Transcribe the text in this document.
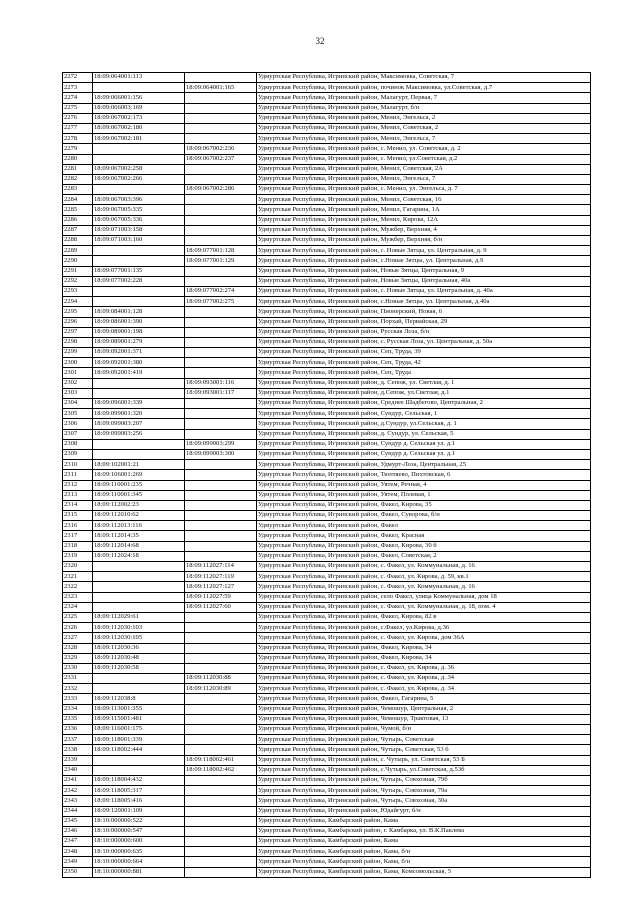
32
2272	18:09:064001:113		Удмуртская Республика, Игринский район, Максимовка, Советская, 7
2273		18:09:064001:165	Удмуртская Республика, Игринский район, починок Максимовка, ул.Советская, д.7
2274	18:09:066001:156		Удмуртская Республика, Игринский район, Малагурт, Первая, 7
2275	18:09:066003:169		Удмуртская Республика, Игринский район, Малагурт, б/н
2276	18:09:067002:173		Удмуртская Республика, Игринский район, Менил, Энгельса, 2
2277	18:09:067002:180		Удмуртская Республика, Игринский район, Менил, Советская, 2
2278	18:09:067002:181		Удмуртская Республика, Игринский район, Менил, Энгельса, 7
2279		18:09:067002:236	Удмуртская Республика, Игринский район, с. Менил, ул. Советская, д. 2
2280		18:09:067002:237	Удмуртская Республика, Игринский район, с. Менил, ул.Советская, д.2
2281	18:09:067002:258		Удмуртская Республика, Игринский район, Менил, Советская, 2А
2282	18:09:067002:266		Удмуртская Республика, Игринский район, Менил, Энгельса, 7
2283		18:09:067002:286	Удмуртская Республика, Игринский район, с. Менил, ул. Энгельса, д. 7
2284	18:09:067003:396		Удмуртская Республика, Игринский район, Менил, Советская, 16
2285	18:09:067005:335		Удмуртская Республика, Игринский район, Менил, Гагарина, 1А
2286	18:09:067005:336		Удмуртская Республика, Игринский район, Менил, Кирова, 12А
2287	18:09:071003:158		Удмуртская Республика, Игринский район, Мужбер, Верхняя, 4
2288	18:09:071003:160		Удмуртская Республика, Игринский район, Мужбер, Верхняя, б/н
2289		18:09:077001:128	Удмуртская Республика, Игринский район, с. Новые Зятцы, ул. Центральная, д. 9
2290		18:09:077001:129	Удмуртская Республика, Игринский район, с.Новые Зятцы, ул. Центральная, д.9
2291	18:09:077001:135		Удмуртская Республика, Игринский район, Новые Зятцы, Центральная, 9
2292	18:09:077002:228		Удмуртская Республика, Игринский район, Новые Зятцы, Центральная, 40а
2293		18:09:077002:274	Удмуртская Республика, Игринский район, с. Новые Зятцы, ул. Центральная, д. 40а
2294		18:09:077002:275	Удмуртская Республика, Игринский район, с.Новые Зятцы, ул. Центральная, д.40а
2295	18:09:084001:128		Удмуртская Республика, Игринский район, Пионерский, Новая, 6
2296	18:09:086001:390		Удмуртская Республика, Игринский район, Порхай, Первайская, 29
2297	18:09:089001:198		Удмуртская Республика, Игринский район, Русская Лоза, б/н
2298	18:09:089001:279		Удмуртская Республика, Игринский район, с. Русская Лоза, ул. Центральная, д. 50а
2299	18:09:092001:371		Удмуртская Республика, Игринский район, Сеп, Труда, 39
2300	18:09:092001:380		Удмуртская Республика, Игринский район, Сеп, Труда, 42
2301	18:09:092001:419		Удмуртская Республика, Игринский район, Сеп, Труда
2302		18:09:093001:116	Удмуртская Республика, Игринский район, д. Сепож, ул. Светлая, д. 1
2303		18:09:093001:117	Удмуртская Республика, Игринский район, д.Сепож, ул.Светлая, д.1
2304	18:09:096001:339		Удмуртская Республика, Игринский район, Среднее Шадбегово, Центральная, 2
2305	18:09:099001:320		Удмуртская Республика, Игринский район, Сундур, Сельская, 1
2306	18:09:099003:207		Удмуртская Республика, Игринский район, д.Сундур, ул.Сельская, д. 1
2307	18:09:099003:256		Удмуртская Республика, Игринский район, д. Сундур, ул. Сельская, 5
2308		18:09:099003:299	Удмуртская Республика, Игринский район, Сундур д. Сельская ул. д.1
2309		18:09:099003:300	Удмуртская Республика, Игринский район, Сундур д. Сельская ул. д.1
2310	18:09:102001:21		Удмуртская Республика, Игринский район, Удмурт-Лоза, Центральная, 25
2311	18:09:106001:269		Удмуртская Республика, Игринский район, Тюптяево, Пихтовская, 6
2312	18:09:110001:235		Удмуртская Республика, Игринский район, Уятем, Речная, 4
2313	18:09:110001:345		Удмуртская Республика, Игринский район, Уятем, Полевая, 1
2314	18:09:112002:23		Удмуртская Республика, Игринский район, Факел, Кирова, 35
2315	18:09:112010:62		Удмуртская Республика, Игринский район, Факел, Суворова, б/н
2316	18:09:112013:116		Удмуртская Республика, Игринский район, Факел
2317	18:09:112014:35		Удмуртская Республика, Игринский район, Факел, Красная
2318	18:09:112014:68		Удмуртская Республика, Игринский район, Факел, Кирова, 30 б
2319	18:09:112024:18		Удмуртская Республика, Игринский район, Факел, Советская, 2
2320		18:09:112027:114	Удмуртская Республика, Игринский район, с. Факел, ул. Коммунальная, д. 16
2321		18:09:112027:119	Удмуртская Республика, Игринский район, с. Факел, ул. Кирова, д. 59, кв.1
2322		18:09:112027:127	Удмуртская Республика, Игринский район, с. Факел, ул. Коммунальная, д. 16
2323		18:09:112027:59	Удмуртская Республика, Игринский район, село Факел, улица Коммунальная, дом 18
2324		18:09:112027:60	Удмуртская Республика, Игринский район, с. Факел, ул. Коммунальная, д. 18, пом. 4
2325	18:09:112029:61		Удмуртская Республика, Игринский район, Факел, Кирова, 82 в
2326	18:09:112030:103		Удмуртская Республика, Игринский район, с.Факел, ул.Кирова, д.36
2327	18:09:112030:105		Удмуртская Республика, Игринский район, с. Факел, ул. Кирова, дом 36А
2328	18:09:112030:36		Удмуртская Республика, Игринский район, Факел, Кирова, 34
2329	18:09:112030:48		Удмуртская Республика, Игринский район, Факел, Кирова, 34
2330	18:09:112030:58		Удмуртская Республика, Игринский район, с. Факел, ул. Кирова, д. 36
2331		18:09:112030:88	Удмуртская Республика, Игринский район, с. Факел, ул. Кирова, д. 34
2332		18:09:112030:89	Удмуртская Республика, Игринский район, с. Факел, ул. Кирова, д. 34
2333	18:09:112038:8		Удмуртская Республика, Игринский район, Факел, Гагарина, 5
2334	18:09:113001:355		Удмуртская Республика, Игринский район, Чемошур, Центральная, 2
2335	18:09:115001:481		Удмуртская Республика, Игринский район, Чемошур, Трактовая, 13
2336	18:09:116001:175		Удмуртская Республика, Игринский район, Чумой, б/н
2337	18:09:118001:339		Удмуртская Республика, Игринский район, Чутырь, Советская
2338	18:09:118002:444		Удмуртская Республика, Игринский район, Чутырь, Советская, 53 б
2339		18:09:118002:461	Удмуртская Республика, Игринский район, с. Чутырь, ул. Советская, 53 Б
2340		18:09:118002:462	Удмуртская Республика, Игринский район, с.Чутырь, ул.Советская, д.53б
2341	18:09:118004:432		Удмуртская Республика, Игринский район, Чутырь, Совхозная, 79б
2342	18:09:118005:317		Удмуртская Республика, Игринский район, Чутырь, Совхозная, 79а
2343	18:09:118005:416		Удмуртская Республика, Игринский район, Чутырь, Совхозная, 30а
2344	18:09:120001:109		Удмуртская Республика, Игринский район, Юдайгурт, б/н
2345	18:10:000000:522		Удмуртская Республика, Камбарский район, Кама
2346	18:10:000000:547		Удмуртская Республика, Камбарский район, г. Камбарка, ул. В.К.Паклева
2347	18:10:000000:600		Удмуртская Республика, Камбарский район, Кама
2348	18:10:000000:635		Удмуртская Республика, Камбарский район, Кама, б/н
2349	18:10:000000:664		Удмуртская Республика, Камбарский район, Кама, б/н
2350	18:10:000000:881		Удмуртская Республика, Камбарский район, Кама, Комсомольская, 5
